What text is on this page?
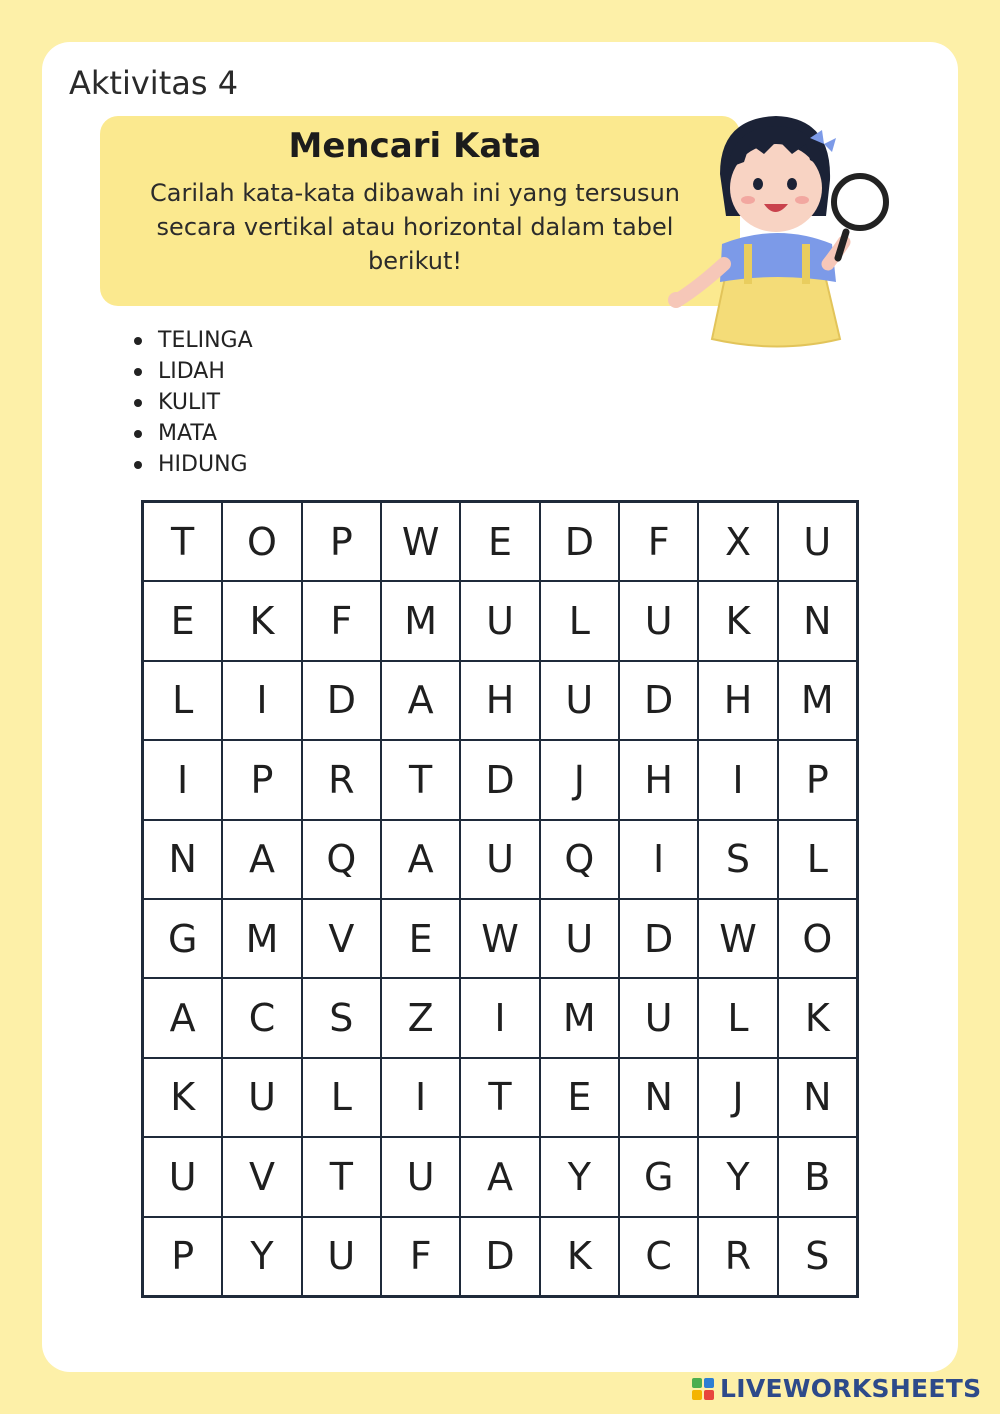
Aktivitas 4
Mencari Kata
Carilah kata-kata dibawah ini yang tersusun secara vertikal atau horizontal dalam tabel berikut!
TELINGA
LIDAH
KULIT
MATA
HIDUNG
T	O	P	W	E	D	F	X	U
E	K	F	M	U	L	U	K	N
L	I	D	A	H	U	D	H	M
I	P	R	T	D	J	H	I	P
N	A	Q	A	U	Q	I	S	L
G	M	V	E	W	U	D	W	O
A	C	S	Z	I	M	U	L	K
K	U	L	I	T	E	N	J	N
U	V	T	U	A	Y	G	Y	B
P	Y	U	F	D	K	C	R	S
LIVEWORKSHEETS
